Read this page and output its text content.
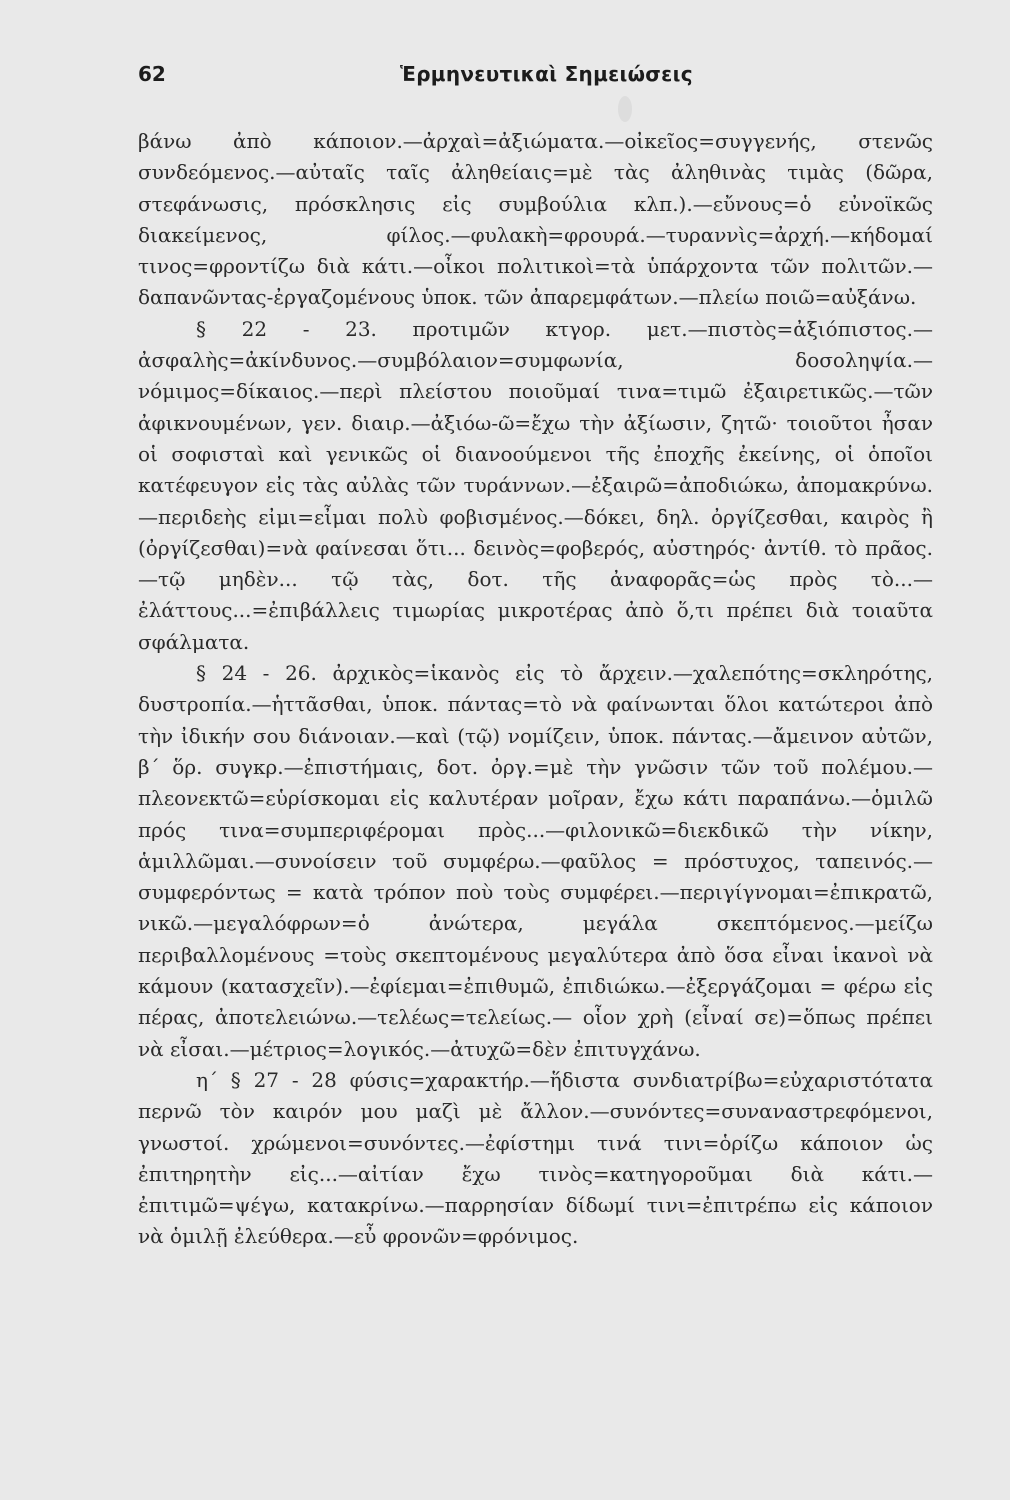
62	Ἑρμηνευτικαὶ Σημειώσεις

βάνω ἀπὸ κάποιον.—ἀρχαὶ=ἀξιώματα.—οἰκεῖος=συγγενής, στενῶς συνδεόμενος.—αὐταῖς ταῖς ἀληθείαις=μὲ τὰς ἀληθινὰς τιμὰς (δῶρα, στεφάνωσις, πρόσκλησις εἰς συμβούλια κλπ.).—εὔνους=ὁ εὐνοϊκῶς διακείμενος, φίλος.—φυλακὴ=φρουρά.—τυραννὶς=ἀρχή.—κήδομαί τινος=φροντίζω διὰ κάτι.—οἶκοι πολιτικοὶ=τὰ ὑπάρχοντα τῶν πολιτῶν.—δαπανῶντας-ἐργαζομένους ὑποκ. τῶν ἀπαρεμφάτων.—πλείω ποιῶ=αὐξάνω.

§ 22 - 23. προτιμῶν κτγορ. μετ.—πιστὸς=ἀξιόπιστος.—ἀσφαλὴς=ἀκίνδυνος.—συμβόλαιον=συμφωνία, δοσοληψία.—νόμιμος=δίκαιος.—περὶ πλείστου ποιοῦμαί τινα=τιμῶ ἐξαιρετικῶς.—τῶν ἀφικνουμένων, γεν. διαιρ.—ἀξιόω-ῶ=ἔχω τὴν ἀξίωσιν, ζητῶ· τοιοῦτοι ἦσαν οἱ σοφισταὶ καὶ γενικῶς οἱ διανοούμενοι τῆς ἐποχῆς ἐκείνης, οἱ ὁποῖοι κατέφευγον εἰς τὰς αὐλὰς τῶν τυράννων.—ἐξαιρῶ=ἀποδιώκω, ἀπομακρύνω.—περιδεὴς εἰμι=εἶμαι πολὺ φοβισμένος.—δόκει, δηλ. ὀργίζεσθαι, καιρὸς ἢ (ὀργίζεσθαι)=νὰ φαίνεσαι ὅτι... δεινὸς=φοβερός, αὐστηρός· ἀντίθ. τὸ πρᾶος.—τῷ μηδὲν... τῷ τὰς, δοτ. τῆς ἀναφορᾶς=ὡς πρὸς τὸ...—ἐλάττους...=ἐπιβάλλεις τιμωρίας μικροτέρας ἀπὸ ὅ,τι πρέπει διὰ τοιαῦτα σφάλματα.

§ 24 - 26. ἀρχικὸς=ἱκανὸς εἰς τὸ ἄρχειν.—χαλεπότης=σκληρότης, δυστροπία.—ἡττᾶσθαι, ὑποκ. πάντας=τὸ νὰ φαίνωνται ὅλοι κατώτεροι ἀπὸ τὴν ἰδικήν σου διάνοιαν.—καὶ (τῷ) νομίζειν, ὑποκ. πάντας.—ἄμεινον αὐτῶν, β΄ ὅρ. συγκρ.—ἐπιστήμαις, δοτ. ὀργ.=μὲ τὴν γνῶσιν τῶν τοῦ πολέμου.—πλεονεκτῶ=εὑρίσκομαι εἰς καλυτέραν μοῖραν, ἔχω κάτι παραπάνω.—ὁμιλῶ πρός τινα=συμπεριφέρομαι πρὸς...—φιλονικῶ=διεκδικῶ τὴν νίκην, ἁμιλλῶμαι.—συνοίσειν τοῦ συμφέρω.—φαῦλος = πρόστυχος, ταπεινός.—συμφερόντως = κατὰ τρόπον ποὺ τοὺς συμφέρει.—περιγίγνομαι=ἐπικρατῶ, νικῶ.—μεγαλόφρων=ὁ ἀνώτερα, μεγάλα σκεπτόμενος.—μείζω περιβαλλομένους =τοὺς σκεπτομένους μεγαλύτερα ἀπὸ ὅσα εἶναι ἱκανοὶ νὰ κάμουν (κατασχεῖν).—ἐφίεμαι=ἐπιθυμῶ, ἐπιδιώκω.—ἐξεργάζομαι = φέρω εἰς πέρας, ἀποτελειώνω.—τελέως=τελείως.— οἷον χρὴ (εἶναί σε)=ὅπως πρέπει νὰ εἶσαι.—μέτριος=λογικός.—ἀτυχῶ=δὲν ἐπιτυγχάνω.

η΄ § 27 - 28 φύσις=χαρακτήρ.—ἥδιστα συνδιατρίβω=εὐχαριστότατα περνῶ τὸν καιρόν μου μαζὶ μὲ ἄλλον.—συνόντες=συναναστρεφόμενοι, γνωστοί. χρώμενοι=συνόντες.—ἐφίστημι τινά τινι=ὁρίζω κάποιον ὡς ἐπιτηρητὴν εἰς...—αἰτίαν ἔχω τινὸς=κατηγοροῦμαι διὰ κάτι.—ἐπιτιμῶ=ψέγω, κατακρίνω.—παρρησίαν δίδωμί τινι=ἐπιτρέπω εἰς κάποιον νὰ ὁμιλῇ ἐλεύθερα.—εὖ φρονῶν=φρόνιμος.
